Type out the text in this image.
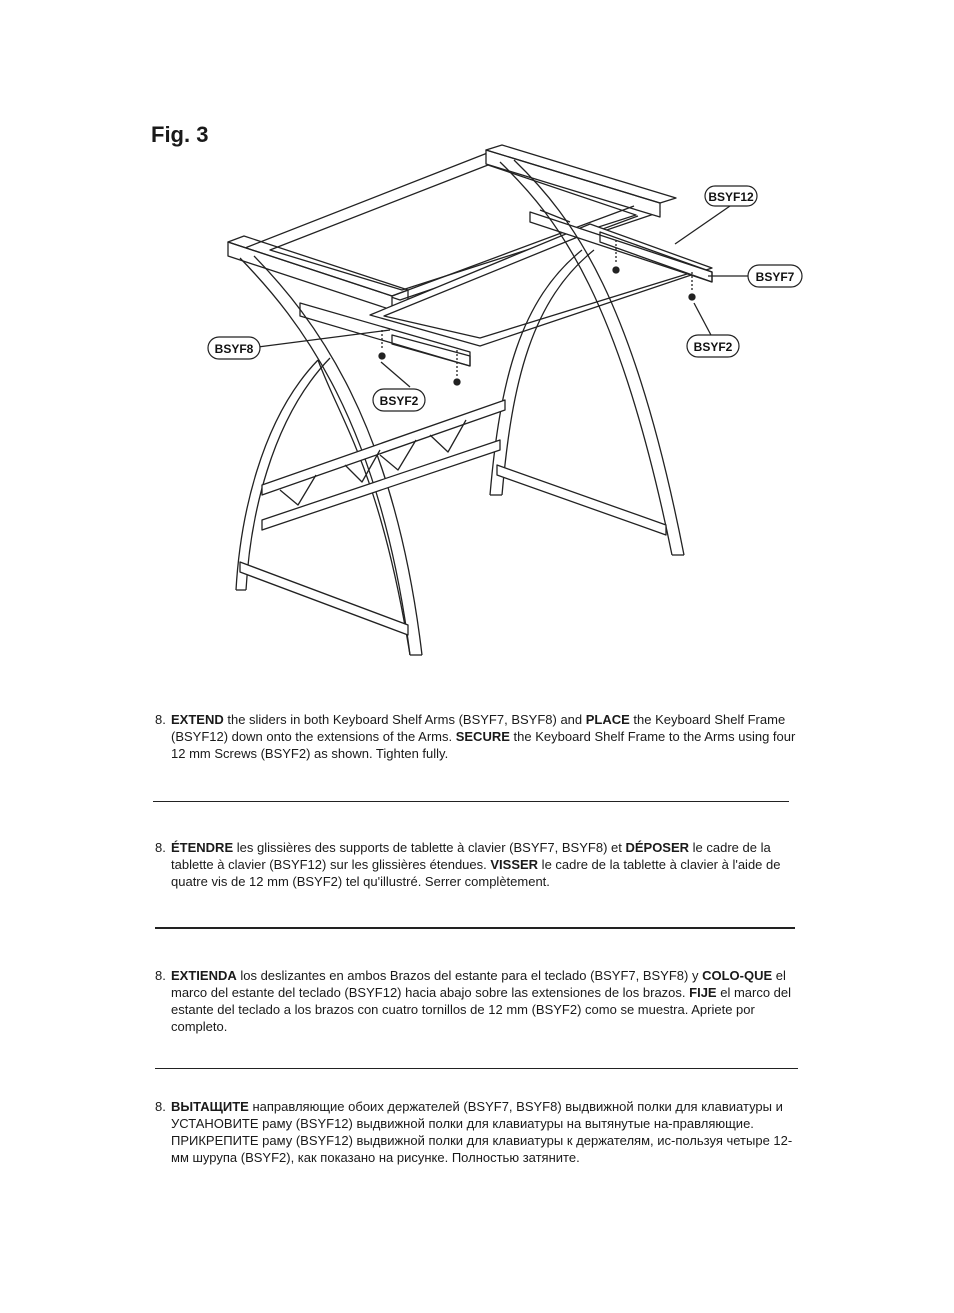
Fig. 3
BSYF12
BSYF7
BSYF8
BSYF2
BSYF2
8. EXTEND the sliders in both Keyboard Shelf Arms (BSYF7, BSYF8) and PLACE the Keyboard Shelf Frame (BSYF12) down onto the extensions of the Arms. SECURE the Keyboard Shelf Frame to the Arms using four 12 mm Screws (BSYF2) as shown. Tighten fully.
8. ÉTENDRE les glissières des supports de tablette à clavier (BSYF7, BSYF8) et DÉPOSER le cadre de la tablette à clavier (BSYF12) sur les glissières étendues. VISSER le cadre de la tablette à clavier à l'aide de quatre vis de 12 mm (BSYF2) tel qu'illustré. Serrer complètement.
8. EXTIENDA los deslizantes en ambos Brazos del estante para el teclado (BSYF7, BSYF8) y COLO-QUE el marco del estante del teclado (BSYF12) hacia abajo sobre las extensiones de los brazos. FIJE el marco del estante del teclado a los brazos con cuatro tornillos de 12 mm (BSYF2) como se muestra. Apriete por completo.
8. ВЫТАЩИТЕ направляющие обоих держателей (BSYF7, BSYF8) выдвижной полки для клавиатуры и УСТАНОВИТЕ раму (BSYF12) выдвижной полки для клавиатуры на вытянутые на-правляющие. ПРИКРЕПИТЕ раму (BSYF12) выдвижной полки для клавиатуры к держателям, ис-пользуя четыре 12-мм шурупа (BSYF2), как показано на рисунке. Полностью затяните.
